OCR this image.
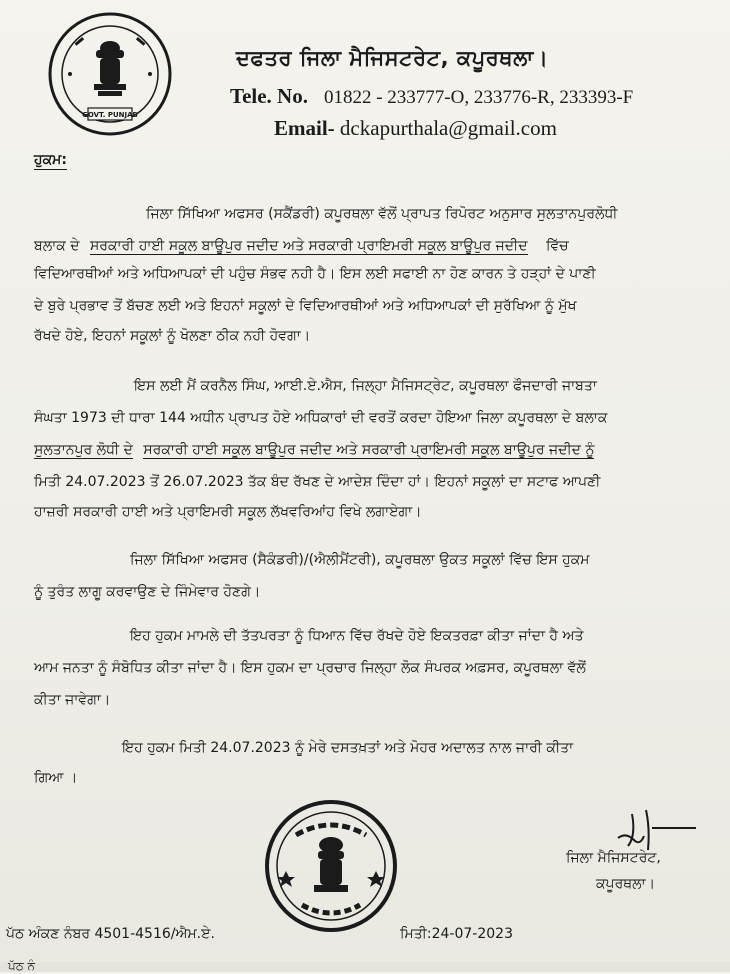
GOVT. PUNJAB
ਦਫਤਰ ਜਿਲਾ ਮੈਜਿਸਟਰੇਟ, ਕਪੂਰਥਲਾ।
Tele. No. 01822 - 233777-O, 233776-R, 233393-F
Email- dckapurthala@gmail.com
ਹੁਕਮ:
ਜਿਲਾ ਸਿੱਖਿਆ ਅਫਸਰ (ਸਕੈਂਡਰੀ) ਕਪੂਰਥਲਾ ਵੱਲੋਂ ਪ੍ਰਾਪਤ ਰਿਪੋਰਟ ਅਨੁਸਾਰ ਸੁਲਤਾਨਪੁਰਲੋਧੀ
ਬਲਾਕ ਦੇ ਸਰਕਾਰੀ ਹਾਈ ਸਕੂਲ ਬਾਊਪੁਰ ਜਦੀਦ ਅਤੇ ਸਰਕਾਰੀ ਪ੍ਰਾਇਮਰੀ ਸਕੂਲ ਬਾਊਪੁਰ ਜਦੀਦ ਵਿੱਚ
ਵਿਦਿਆਰਥੀਆਂ ਅਤੇ ਅਧਿਆਪਕਾਂ ਦੀ ਪਹੁੰਚ ਸੰਭਵ ਨਹੀ ਹੈ। ਇਸ ਲਈ ਸਫਾਈ ਨਾ ਹੋਣ ਕਾਰਨ ਤੇ ਹੜ੍ਹਾਂ ਦੇ ਪਾਣੀ
ਦੇ ਬੁਰੇ ਪ੍ਰਭਾਵ ਤੋਂ ਬੱਚਣ ਲਈ ਅਤੇ ਇਹਨਾਂ ਸਕੂਲਾਂ ਦੇ ਵਿਦਿਆਰਥੀਆਂ ਅਤੇ ਅਧਿਆਪਕਾਂ ਦੀ ਸੁਰੱਖਿਆ ਨੂੰ ਮੁੱਖ
ਰੱਖਦੇ ਹੋਏ, ਇਹਨਾਂ ਸਕੂਲਾਂ ਨੂੰ ਖੋਲਣਾ ਠੀਕ ਨਹੀ ਹੋਵਗਾ।
ਇਸ ਲਈ ਮੈਂ ਕਰਨੈਲ ਸਿੰਘ, ਆਈ.ਏ.ਐਸ, ਜਿਲ੍ਹਾ ਮੈਜਿਸਟ੍ਰੇਟ, ਕਪੂਰਥਲਾ ਫੌਜਦਾਰੀ ਜਾਬਤਾ
ਸੰਘਤਾ 1973 ਦੀ ਧਾਰਾ 144 ਅਧੀਨ ਪ੍ਰਾਪਤ ਹੋਏ ਅਧਿਕਾਰਾਂ ਦੀ ਵਰਤੋਂ ਕਰਦਾ ਹੋਇਆ ਜਿਲਾ ਕਪੂਰਥਲਾ ਦੇ ਬਲਾਕ
ਸੁਲਤਾਨਪੁਰ ਲੋਧੀ ਦੇ ਸਰਕਾਰੀ ਹਾਈ ਸਕੂਲ ਬਾਊਪੁਰ ਜਦੀਦ ਅਤੇ ਸਰਕਾਰੀ ਪ੍ਰਾਇਮਰੀ ਸਕੂਲ ਬਾਊਪੁਰ ਜਦੀਦ ਨੂੰ
ਮਿਤੀ 24.07.2023 ਤੋਂ 26.07.2023 ਤੱਕ ਬੰਦ ਰੱਖਣ ਦੇ ਆਦੇਸ਼ ਦਿੰਦਾ ਹਾਂ। ਇਹਨਾਂ ਸਕੂਲਾਂ ਦਾ ਸਟਾਫ ਆਪਣੀ
ਹਾਜ਼ਰੀ ਸਰਕਾਰੀ ਹਾਈ ਅਤੇ ਪ੍ਰਾਇਮਰੀ ਸਕੂਲ ਲੱਖਵਰਿਆਂਹ ਵਿਖੇ ਲਗਾਏਗਾ।
ਜਿਲਾ ਸਿੱਖਿਆ ਅਫਸਰ (ਸੈਕੰਡਰੀ)/(ਐਲੀਮੈਂਟਰੀ), ਕਪੂਰਥਲਾ ਉਕਤ ਸਕੂਲਾਂ ਵਿੱਚ ਇਸ ਹੁਕਮ
ਨੂੰ ਤੁਰੰਤ ਲਾਗੂ ਕਰਵਾਉਣ ਦੇ ਜਿੰਮੇਵਾਰ ਹੋਣਗੇ।
ਇਹ ਹੁਕਮ ਮਾਮਲੇ ਦੀ ਤੱਤਪਰਤਾ ਨੂੰ ਧਿਆਨ ਵਿੱਚ ਰੱਖਦੇ ਹੋਏ ਇਕਤਰਫ਼ਾ ਕੀਤਾ ਜਾਂਦਾ ਹੈ ਅਤੇ
ਆਮ ਜਨਤਾ ਨੂੰ ਸੰਬੋਧਿਤ ਕੀਤਾ ਜਾਂਦਾ ਹੈ। ਇਸ ਹੁਕਮ ਦਾ ਪ੍ਰਚਾਰ ਜਿਲ੍ਹਾ ਲੋਕ ਸੰਪਰਕ ਅਫ਼ਸਰ, ਕਪੂਰਥਲਾ ਵੱਲੋਂ
ਕੀਤਾ ਜਾਵੇਗਾ।
ਇਹ ਹੁਕਮ ਮਿਤੀ 24.07.2023 ਨੂੰ ਮੇਰੇ ਦਸਤਖ਼ਤਾਂ ਅਤੇ ਮੋਹਰ ਅਦਾਲਤ ਨਾਲ ਜਾਰੀ ਕੀਤਾ
ਗਿਆ ।
ਜਿਲਾ ਮੈਜਿਸਟਰੇਟ,
ਕਪੂਰਥਲਾ।
ਪੱਠ ਅੰਕਣ ਨੰਬਰ 4501-4516/ਐਮ.ਏ.	ਮਿਤੀ:24-07-2023
ਪੱਠ ਨੰ
